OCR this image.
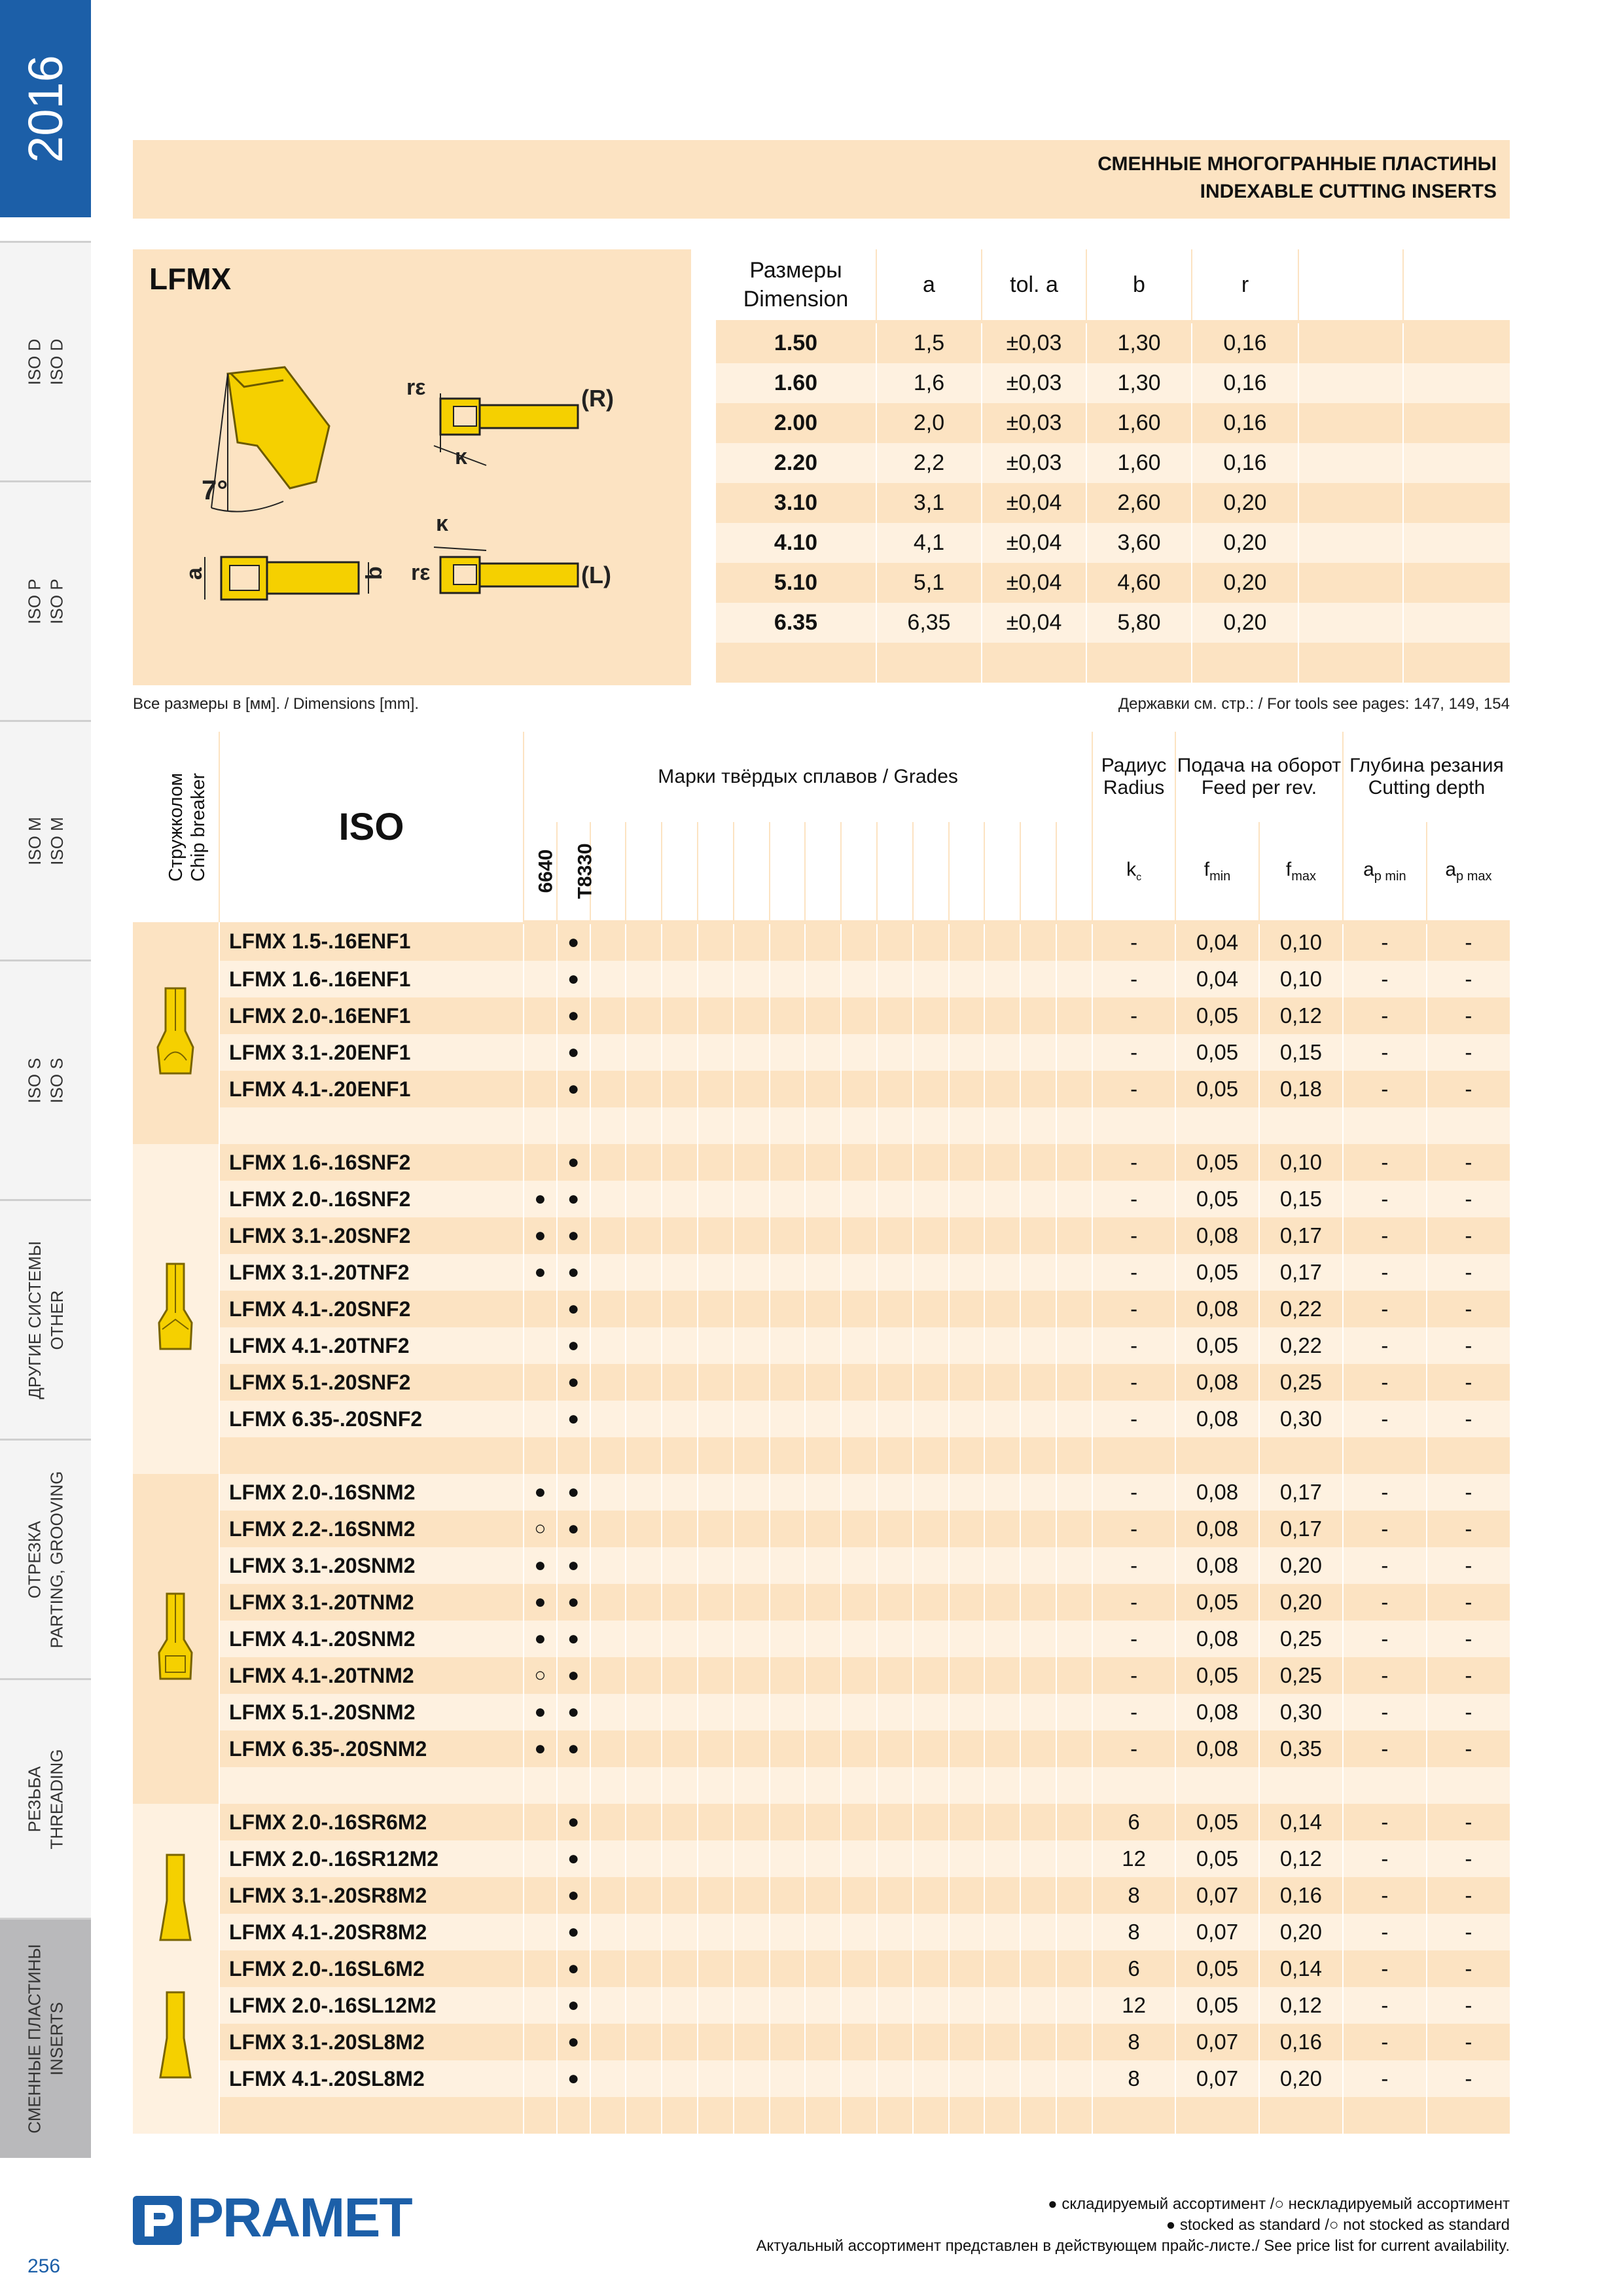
2016
ISO D ISO D
ISO P ISO P
ISO M ISO M
ISO S ISO S
ДРУГИЕ СИСТЕМЫ OTHER
ОТРЕЗКА PARTING, GROOVING
РЕЗЬБА THREADING
СМЕННЫЕ ПЛАСТИНЫ INSERTS
256
СМЕННЫЕ МНОГОГРАННЫЕ ПЛАСТИНЫ
INDEXABLE CUTTING INSERTS
LFMX
7°
rε
κ
(R)
a	b
κ
rε	(L)
Размеры
Dimension	a	tol. a	b	r		
1.50	1,5	±0,03	1,30	0,16		
1.60	1,6	±0,03	1,30	0,16		
2.00	2,0	±0,03	1,60	0,16		
2.20	2,2	±0,03	1,60	0,16		
3.10	3,1	±0,04	2,60	0,20		
4.10	4,1	±0,04	3,60	0,20		
5.10	5,1	±0,04	4,60	0,20		
6.35	6,35	±0,04	5,80	0,20		

Все размеры в [мм]. / Dimensions [mm].	Державки см. стр.: / For tools see pages: 147, 149, 154
Стружколом
Chip breaker	ISO	Марки твёрдых сплавов / Grades																Радиус
Radius	Подача на оборот
Feed per rev.		Глубина резания
Cutting depth	
		6640	T8330															$k_c$	$f_{min}$	$f_{max}$	$a_{p min}$	$a_{p max}$
	LFMX 1.5-.16ENF1		●															-	0,04	0,10	-	-
	LFMX 1.6-.16ENF1		●															-	0,04	0,10	-	-
	LFMX 2.0-.16ENF1		●															-	0,05	0,12	-	-
	LFMX 3.1-.20ENF1		●															-	0,05	0,15	-	-
	LFMX 4.1-.20ENF1		●															-	0,05	0,18	-	-

	LFMX 1.6-.16SNF2		●															-	0,05	0,10	-	-
	LFMX 2.0-.16SNF2	●	●															-	0,05	0,15	-	-
	LFMX 3.1-.20SNF2	●	●															-	0,08	0,17	-	-
	LFMX 3.1-.20TNF2	●	●															-	0,05	0,17	-	-
	LFMX 4.1-.20SNF2		●															-	0,08	0,22	-	-
	LFMX 4.1-.20TNF2		●															-	0,05	0,22	-	-
	LFMX 5.1-.20SNF2		●															-	0,08	0,25	-	-
	LFMX 6.35-.20SNF2		●															-	0,08	0,30	-	-

	LFMX 2.0-.16SNM2	●	●															-	0,08	0,17	-	-
	LFMX 2.2-.16SNM2	○	●															-	0,08	0,17	-	-
	LFMX 3.1-.20SNM2	●	●															-	0,08	0,20	-	-
	LFMX 3.1-.20TNM2	●	●															-	0,05	0,20	-	-
	LFMX 4.1-.20SNM2	●	●															-	0,08	0,25	-	-
	LFMX 4.1-.20TNM2	○	●															-	0,05	0,25	-	-
	LFMX 5.1-.20SNM2	●	●															-	0,08	0,30	-	-
	LFMX 6.35-.20SNM2	●	●															-	0,08	0,35	-	-

	LFMX 2.0-.16SR6M2		●															6	0,05	0,14	-	-
	LFMX 2.0-.16SR12M2		●															12	0,05	0,12	-	-
	LFMX 3.1-.20SR8M2		●															8	0,07	0,16	-	-
	LFMX 4.1-.20SR8M2		●															8	0,07	0,20	-	-
	LFMX 2.0-.16SL6M2		●															6	0,05	0,14	-	-
	LFMX 2.0-.16SL12M2		●															12	0,05	0,12	-	-
	LFMX 3.1-.20SL8M2		●															8	0,07	0,16	-	-
	LFMX 4.1-.20SL8M2		●															8	0,07	0,20	-	-

PRAMET	● складируемый ассортимент /○ нескладируемый ассортимент
● stocked as standard /○ not stocked as standard
Актуальный ассортимент представлен в действующем прайс-листе./ See price list for current availability.
